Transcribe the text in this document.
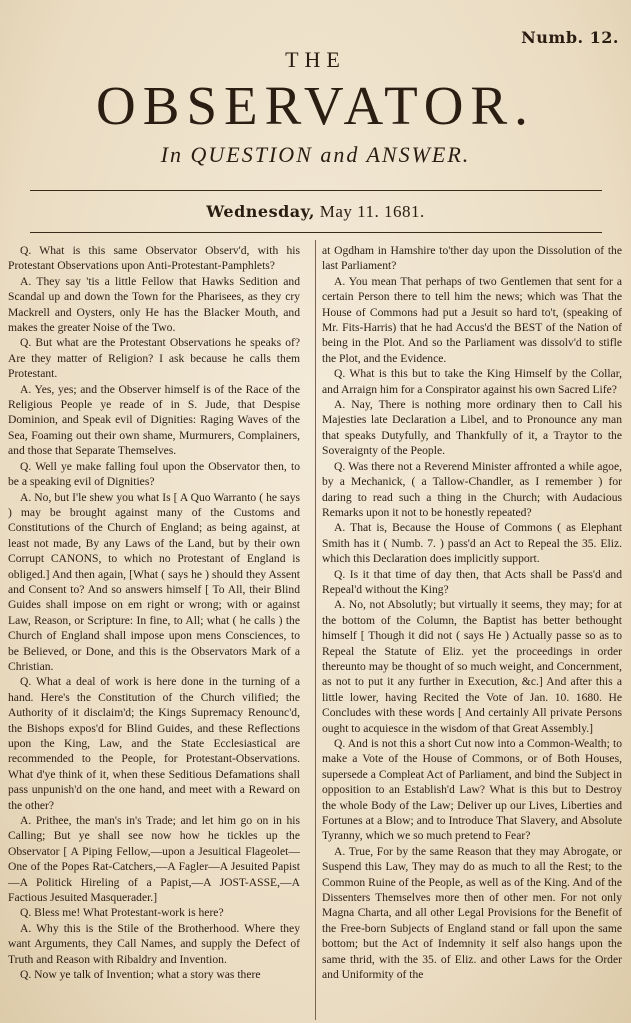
Numb. 12.
THE
OBSERVATOR.
In QUESTION and ANSWER.
Wednesday, May 11. 1681.

Q. What is this same Observator Observ'd, with his Protestant Observations upon Anti-Protestant-Pamphlets?

A. They say 'tis a little Fellow that Hawks Sedition and Scandal up and down the Town for the Pharisees, as they cry Mackrell and Oysters, only He has the Blacker Mouth, and makes the greater Noise of the Two.

Q. But what are the Protestant Observations he speaks of? Are they matter of Religion? I ask because he calls them Protestant.

A. Yes, yes; and the Observer himself is of the Race of the Religious People ye reade of in S. Jude, that Despise Dominion, and Speak evil of Dignities: Raging Waves of the Sea, Foaming out their own shame, Murmurers, Complainers, and those that Separate Themselves.

Q. Well ye make falling foul upon the Observator then, to be a speaking evil of Dignities?

A. No, but I'le shew you what Is [ A Quo Warranto ( he says ) may be brought against many of the Customs and Constitutions of the Church of England; as being against, at least not made, By any Laws of the Land, but by their own Corrupt CANONS, to which no Protestant of England is obliged.] And then again, [What ( says he ) should they Assent and Consent to? And so answers himself [ To All, their Blind Guides shall impose on em right or wrong; with or against Law, Reason, or Scripture: In fine, to All; what ( he calls ) the Church of England shall impose upon mens Consciences, to be Believed, or Done, and this is the Observators Mark of a Christian.

Q. What a deal of work is here done in the turning of a hand. Here's the Constitution of the Church vilified; the Authority of it disclaim'd; the Kings Supremacy Renounc'd, the Bishops expos'd for Blind Guides, and these Reflections upon the King, Law, and the State Ecclesiastical are recommended to the People, for Protestant-Observations. What d'ye think of it, when these Seditious Defamations shall pass unpunish'd on the one hand, and meet with a Reward on the other?

A. Prithee, the man's in's Trade; and let him go on in his Calling; But ye shall see now how he tickles up the Observator [ A Piping Fellow,—upon a Jesuitical Flageolet—One of the Popes Rat-Catchers,—A Fagler—A Jesuited Papist—A Politick Hireling of a Papist,—A JOST-ASSE,—A Factious Jesuited Masquerader.]

Q. Bless me! What Protestant-work is here?

A. Why this is the Stile of the Brotherhood. Where they want Arguments, they Call Names, and supply the Defect of Truth and Reason with Ribaldry and Invention.

Q. Now ye talk of Invention; what a story was there

at Ogdham in Hamshire to'ther day upon the Dissolution of the last Parliament?

A. You mean That perhaps of two Gentlemen that sent for a certain Person there to tell him the news; which was That the House of Commons had put a Jesuit so hard to't, (speaking of Mr. Fits-Harris) that he had Accus'd the BEST of the Nation of being in the Plot. And so the Parliament was dissolv'd to stifle the Plot, and the Evidence.

Q. What is this but to take the King Himself by the Collar, and Arraign him for a Conspirator against his own Sacred Life?

A. Nay, There is nothing more ordinary then to Call his Majesties late Declaration a Libel, and to Pronounce any man that speaks Dutyfully, and Thankfully of it, a Traytor to the Soveraignty of the People.

Q. Was there not a Reverend Minister affronted a while agoe, by a Mechanick, ( a Tallow-Chandler, as I remember ) for daring to read such a thing in the Church; with Audacious Remarks upon it not to be honestly repeated?

A. That is, Because the House of Commons ( as Elephant Smith has it ( Numb. 7. ) pass'd an Act to Repeal the 35. Eliz. which this Declaration does implicitly support.

Q. Is it that time of day then, that Acts shall be Pass'd and Repeal'd without the King?

A. No, not Absolutly; but virtually it seems, they may; for at the bottom of the Column, the Baptist has better bethought himself [ Though it did not ( says He ) Actually passe so as to Repeal the Statute of Eliz. yet the proceedings in order thereunto may be thought of so much weight, and Concernment, as not to put it any further in Execution, &c.] And after this a little lower, having Recited the Vote of Jan. 10. 1680. He Concludes with these words [ And certainly All private Persons ought to acquiesce in the wisdom of that Great Assembly.]

Q. And is not this a short Cut now into a Common-Wealth; to make a Vote of the House of Commons, or of Both Houses, supersede a Compleat Act of Parliament, and bind the Subject in opposition to an Establish'd Law? What is this but to Destroy the whole Body of the Law; Deliver up our Lives, Liberties and Fortunes at a Blow; and to Introduce That Slavery, and Absolute Tyranny, which we so much pretend to Fear?

A. True, For by the same Reason that they may Abrogate, or Suspend this Law, They may do as much to all the Rest; to the Common Ruine of the People, as well as of the King. And of the Dissenters Themselves more then of other men. For not only Magna Charta, and all other Legal Provisions for the Benefit of the Free-born Subjects of England stand or fall upon the same bottom; but the Act of Indemnity it self also hangs upon the same thrid, with the 35. of Eliz. and other Laws for the Order and Uniformity of the
